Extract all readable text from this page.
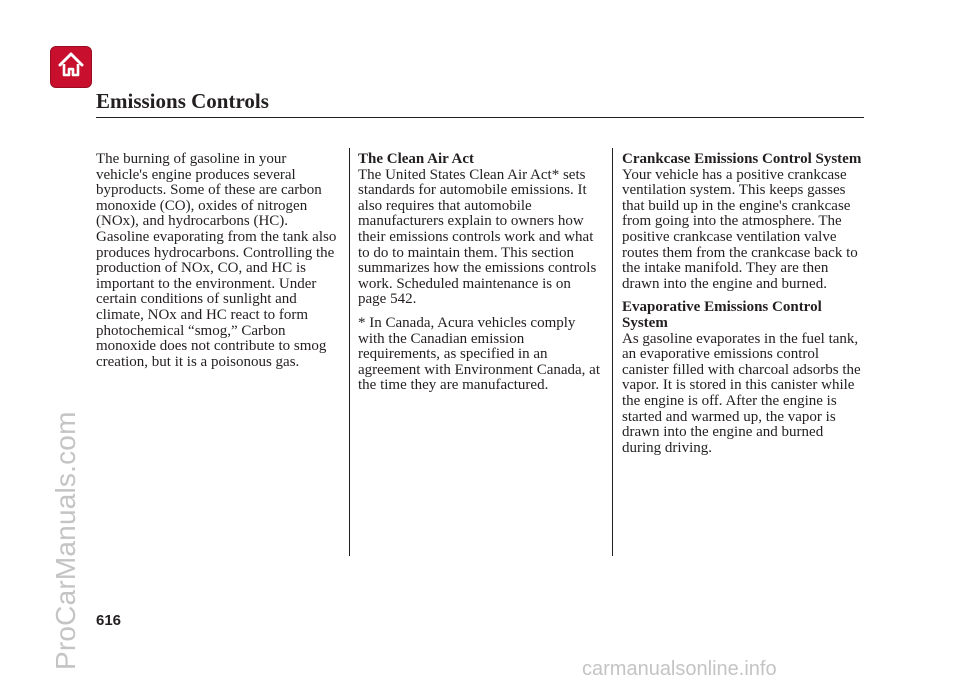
ProCarManuals.com
Emissions Controls

The burning of gasoline in your vehicle's engine produces several byproducts. Some of these are carbon monoxide (CO), oxides of nitrogen (NOx), and hydrocarbons (HC). Gasoline evaporating from the tank also produces hydrocarbons. Controlling the production of NOx, CO, and HC is important to the environment. Under certain conditions of sunlight and climate, NOx and HC react to form photochemical “smog,” Carbon monoxide does not contribute to smog creation, but it is a poisonous gas.

The Clean Air Act

The United States Clean Air Act* sets standards for automobile emissions. It also requires that automobile manufacturers explain to owners how their emissions controls work and what to do to maintain them. This section summarizes how the emissions controls work. Scheduled maintenance is on page 542.

* In Canada, Acura vehicles comply with the Canadian emission requirements, as specified in an agreement with Environment Canada, at the time they are manufactured.

Crankcase Emissions Control System

Your vehicle has a positive crankcase ventilation system. This keeps gasses that build up in the engine's crankcase from going into the atmosphere. The positive crankcase ventilation valve routes them from the crankcase back to the intake manifold. They are then drawn into the engine and burned.

Evaporative Emissions Control System

As gasoline evaporates in the fuel tank, an evaporative emissions control canister filled with charcoal adsorbs the vapor. It is stored in this canister while the engine is off. After the engine is started and warmed up, the vapor is drawn into the engine and burned during driving.

616
carmanualsonline.info
